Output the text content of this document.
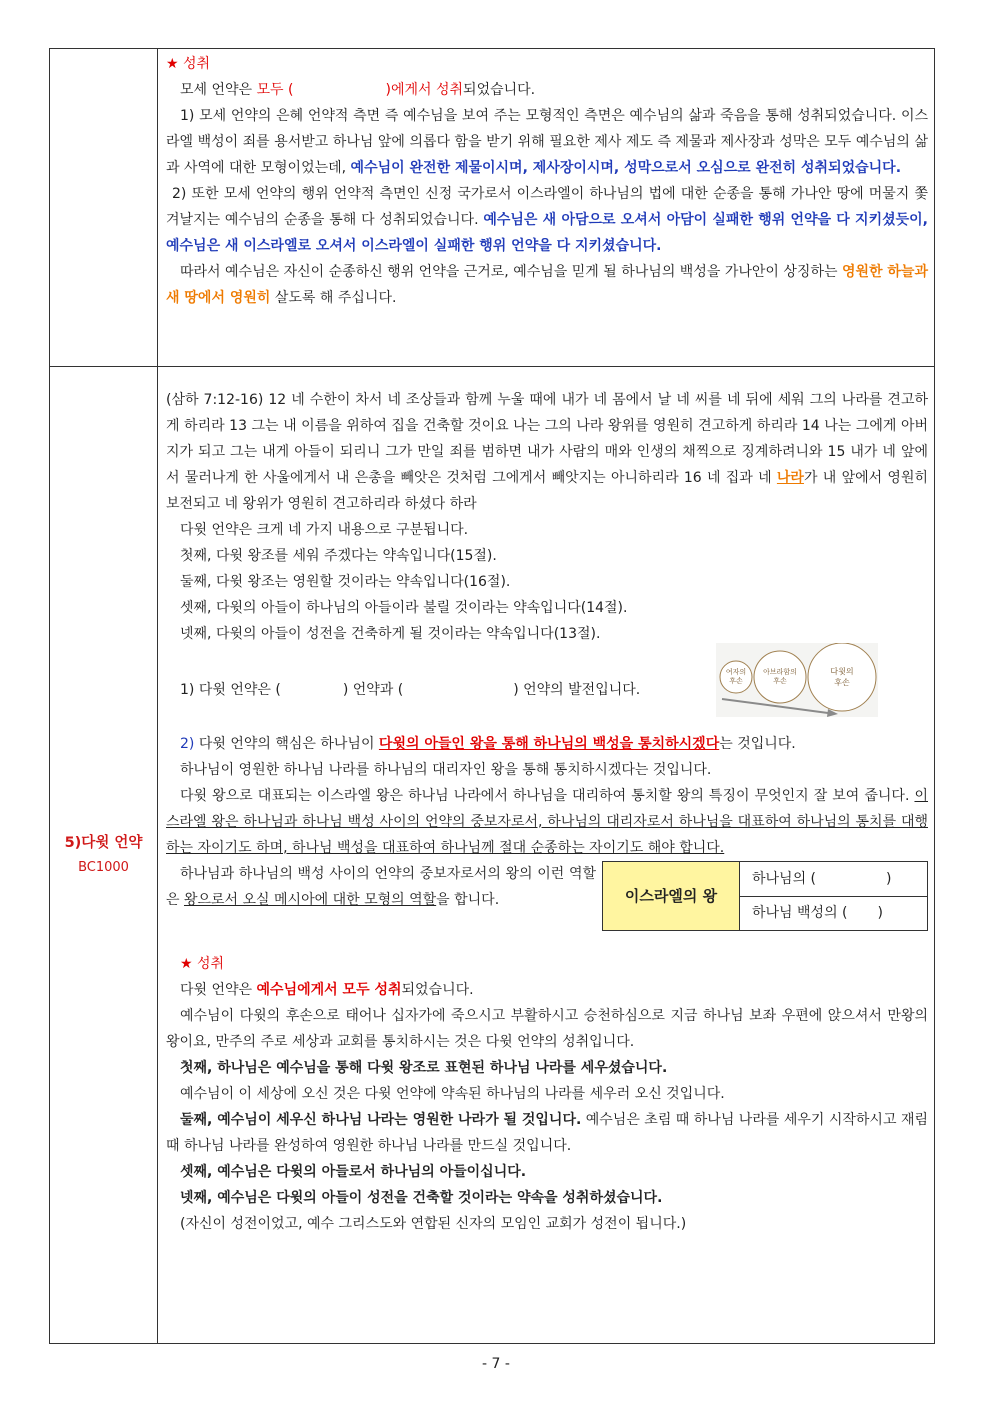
★ 성취

모세 언약은 모두 (	)에게서 성취되었습니다.

1) 모세 언약의 은혜 언약적 측면 즉 예수님을 보여 주는 모형적인 측면은 예수님의 삶과 죽음을 통해 성취되었습니다. 이스라엘 백성이 죄를 용서받고 하나님 앞에 의롭다 함을 받기 위해 필요한 제사 제도 즉 제물과 제사장과 성막은 모두 예수님의 삶과 사역에 대한 모형이었는데, 예수님이 완전한 제물이시며, 제사장이시며, 성막으로서 오심으로 완전히 성취되었습니다.

2) 또한 모세 언약의 행위 언약적 측면인 신정 국가로서 이스라엘이 하나님의 법에 대한 순종을 통해 가나안 땅에 머물지 쫓겨날지는 예수님의 순종을 통해 다 성취되었습니다. 예수님은 새 아담으로 오셔서 아담이 실패한 행위 언약을 다 지키셨듯이, 예수님은 새 이스라엘로 오셔서 이스라엘이 실패한 행위 언약을 다 지키셨습니다.

따라서 예수님은 자신이 순종하신 행위 언약을 근거로, 예수님을 믿게 될 하나님의 백성을 가나안이 상징하는 영원한 하늘과 새 땅에서 영원히 살도록 해 주십니다.

5)다윗 언약
BC1000

(삼하 7:12-16) 12 네 수한이 차서 네 조상들과 함께 누울 때에 내가 네 몸에서 날 네 씨를 네 뒤에 세워 그의 나라를 견고하게 하리라 13 그는 내 이름을 위하여 집을 건축할 것이요 나는 그의 나라 왕위를 영원히 견고하게 하리라 14 나는 그에게 아버지가 되고 그는 내게 아들이 되리니 그가 만일 죄를 범하면 내가 사람의 매와 인생의 채찍으로 징계하려니와 15 내가 네 앞에서 물러나게 한 사울에게서 내 은총을 빼앗은 것처럼 그에게서 빼앗지는 아니하리라 16 네 집과 네 나라가 내 앞에서 영원히 보전되고 네 왕위가 영원히 견고하리라 하셨다 하라

다윗 언약은 크게 네 가지 내용으로 구분됩니다.

첫째, 다윗 왕조를 세워 주겠다는 약속입니다(15절).

둘째, 다윗 왕조는 영원할 것이라는 약속입니다(16절).

셋째, 다윗의 아들이 하나님의 아들이라 불릴 것이라는 약속입니다(14절).

넷째, 다윗의 아들이 성전을 건축하게 될 것이라는 약속입니다(13절).

1) 다윗 언약은 (	) 언약과 (	) 언약의 발전입니다.

여자의
후손
아브라함의
후손
다윗의
후손

2) 다윗 언약의 핵심은 하나님이 다윗의 아들인 왕을 통해 하나님의 백성을 통치하시겠다는 것입니다.

하나님이 영원한 하나님 나라를 하나님의 대리자인 왕을 통해 통치하시겠다는 것입니다.

다윗 왕으로 대표되는 이스라엘 왕은 하나님 나라에서 하나님을 대리하여 통치할 왕의 특징이 무엇인지 잘 보여 줍니다. 이스라엘 왕은 하나님과 하나님 백성 사이의 언약의 중보자로서, 하나님의 대리자로서 하나님을 대표하여 하나님의 통치를 대행하는 자이기도 하며, 하나님 백성을 대표하여 하나님께 절대 순종하는 자이기도 해야 합니다.

하나님과 하나님의 백성 사이의 언약의 중보자로서의 왕의 이런 역할은 왕으로서 오실 메시아에 대한 모형의 역할을 합니다.	이스라엘의 왕
하나님의 (	)
하나님 백성의 ( )

★ 성취

다윗 언약은 예수님에게서 모두 성취되었습니다.

예수님이 다윗의 후손으로 태어나 십자가에 죽으시고 부활하시고 승천하심으로 지금 하나님 보좌 우편에 앉으셔서 만왕의 왕이요, 만주의 주로 세상과 교회를 통치하시는 것은 다윗 언약의 성취입니다.

첫째, 하나님은 예수님을 통해 다윗 왕조로 표현된 하나님 나라를 세우셨습니다.

예수님이 이 세상에 오신 것은 다윗 언약에 약속된 하나님의 나라를 세우러 오신 것입니다.

둘째, 예수님이 세우신 하나님 나라는 영원한 나라가 될 것입니다. 예수님은 초림 때 하나님 나라를 세우기 시작하시고 재림 때 하나님 나라를 완성하여 영원한 하나님 나라를 만드실 것입니다.

셋째, 예수님은 다윗의 아들로서 하나님의 아들이십니다.

넷째, 예수님은 다윗의 아들이 성전을 건축할 것이라는 약속을 성취하셨습니다.

(자신이 성전이었고, 예수 그리스도와 연합된 신자의 모임인 교회가 성전이 됩니다.)

- 7 -
